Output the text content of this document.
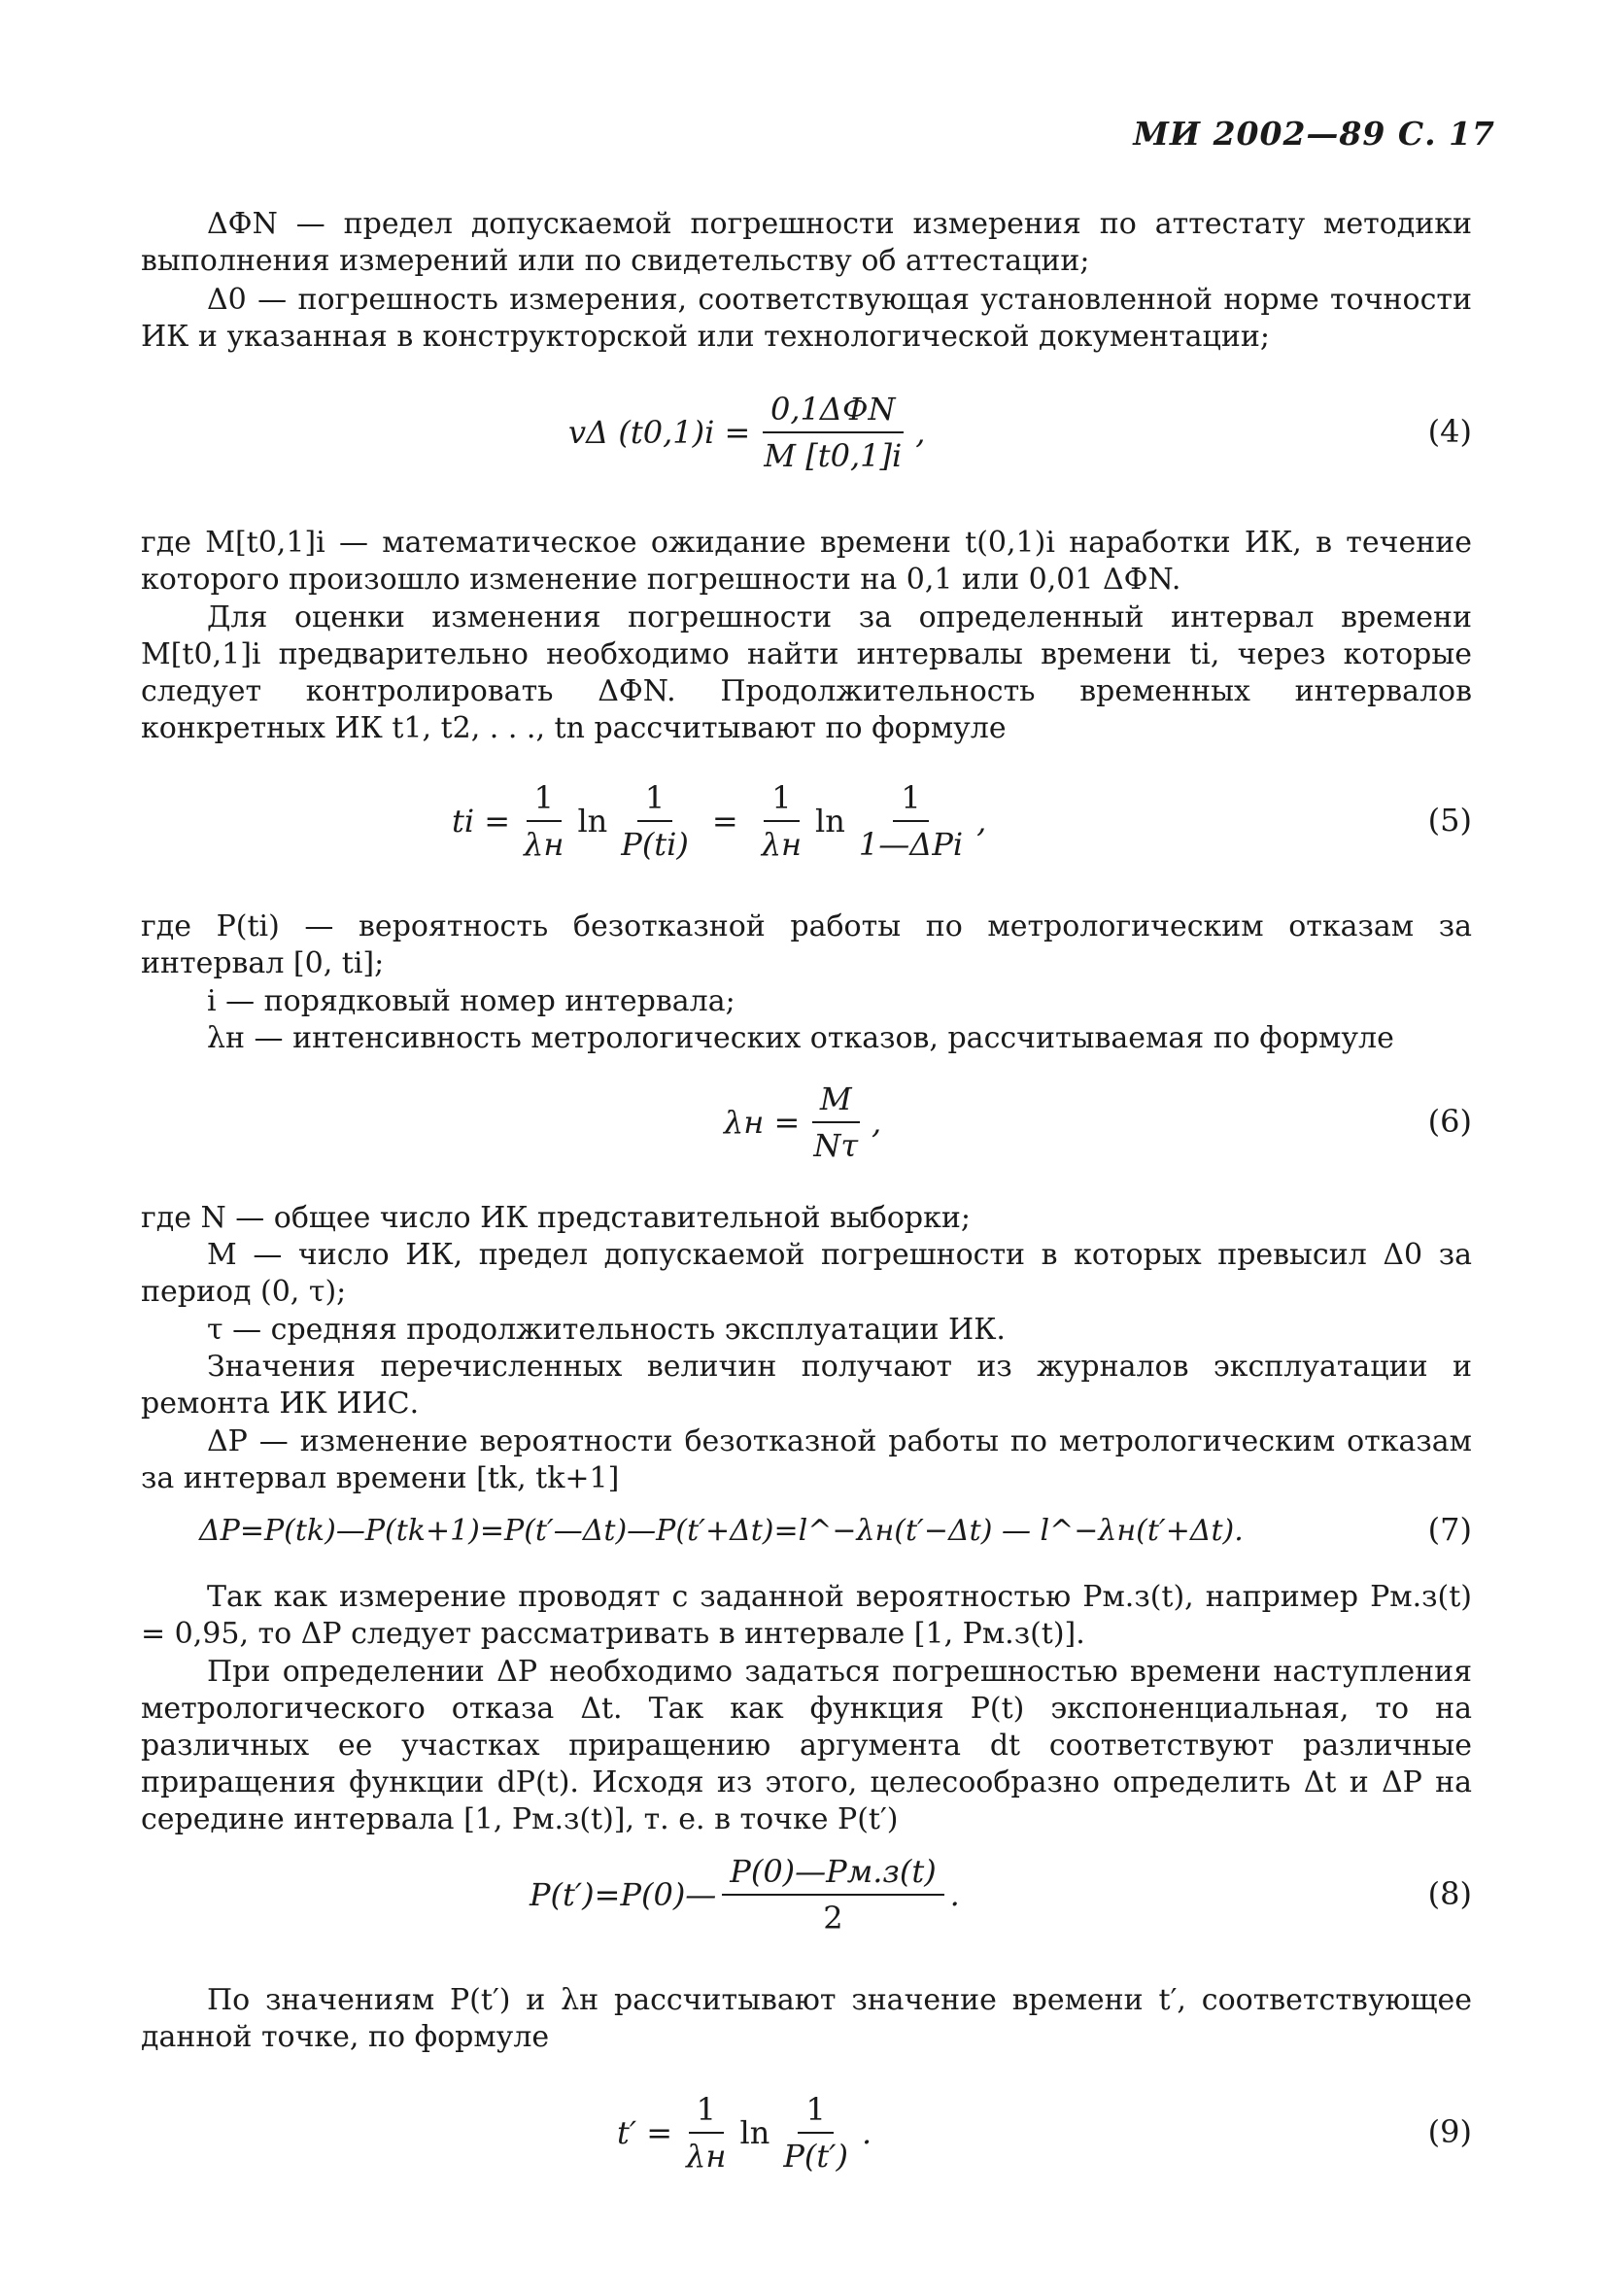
МИ 2002—89 С. 17
ΔФN — предел допускаемой погрешности измерения по аттестату методики выполнения измерений или по свидетельству об аттестации;
Δ0 — погрешность измерения, соответствующая установленной норме точности ИК и указанная в конструкторской или технологической документации;
vΔ $(t0,1)i = \frac{\text{0,1ΔФN}}{M [t0,1]i}$ ,	(4)
где M[t0,1]i — математическое ожидание времени t(0,1)i наработки ИК, в течение которого произошло изменение погрешности на 0,1 или 0,01 ΔФN.
Для оценки изменения погрешности за определенный интервал времени M[t0,1]i предварительно необходимо найти интервалы времени ti, через которые следует контролировать ΔФN. Продолжительность временных интервалов конкретных ИК t1, t2, . . ., tn рассчитывают по формуле
ti = $\frac{1}{\lambda н}$ $\ln \frac{1}{P(ti)} = \frac{1}{\lambda н}$ $\ln \frac{1}{\text{1—ΔPi}}$ ,	(5)
где P(ti) — вероятность безотказной работы по метрологическим отказам за интервал [0, ti];
i — порядковый номер интервала;
λн — интенсивность метрологических отказов, рассчитываемая по формуле
$\lambda н = \frac{M}{N\tau}$ ,	(6)
где N — общее число ИК представительной выборки;
M — число ИК, предел допускаемой погрешности в которых превысил Δ0 за период (0, τ);
τ — средняя продолжительность эксплуатации ИК.
Значения перечисленных величин получают из журналов эксплуатации и ремонта ИК ИИС.
ΔP — изменение вероятности безотказной работы по метрологическим отказам за интервал времени [tk, tk+1]
ΔP=P(tk)—P(tk+1)=P(t′—Δt)—P(t′+Δt)=l^−λн(t′−Δt) — l^−λн(t′+Δt).	(7)
Так как измерение проводят с заданной вероятностью Pм.з(t), например Pм.з(t) = 0,95, то ΔP следует рассматривать в интервале [1, Pм.з(t)].
При определении ΔP необходимо задаться погрешностью времени наступления метрологического отказа Δt. Так как функция P(t) экспоненциальная, то на различных ее участках приращению аргумента dt соответствуют различные приращения функции dP(t). Исходя из этого, целесообразно определить Δt и ΔP на середине интервала [1, Pм.з(t)], т. е. в точке P(t′)
P(t′)=P(0)— $\frac{P(0)—Pм.з(t)}{2}$ .	(8)
По значениям P(t′) и λн рассчитывают значение времени t′, соответствующее данной точке, по формуле
$t' = \frac{1}{\lambda н}$ $\ln \frac{1}{P(t')}$ .	(9)
